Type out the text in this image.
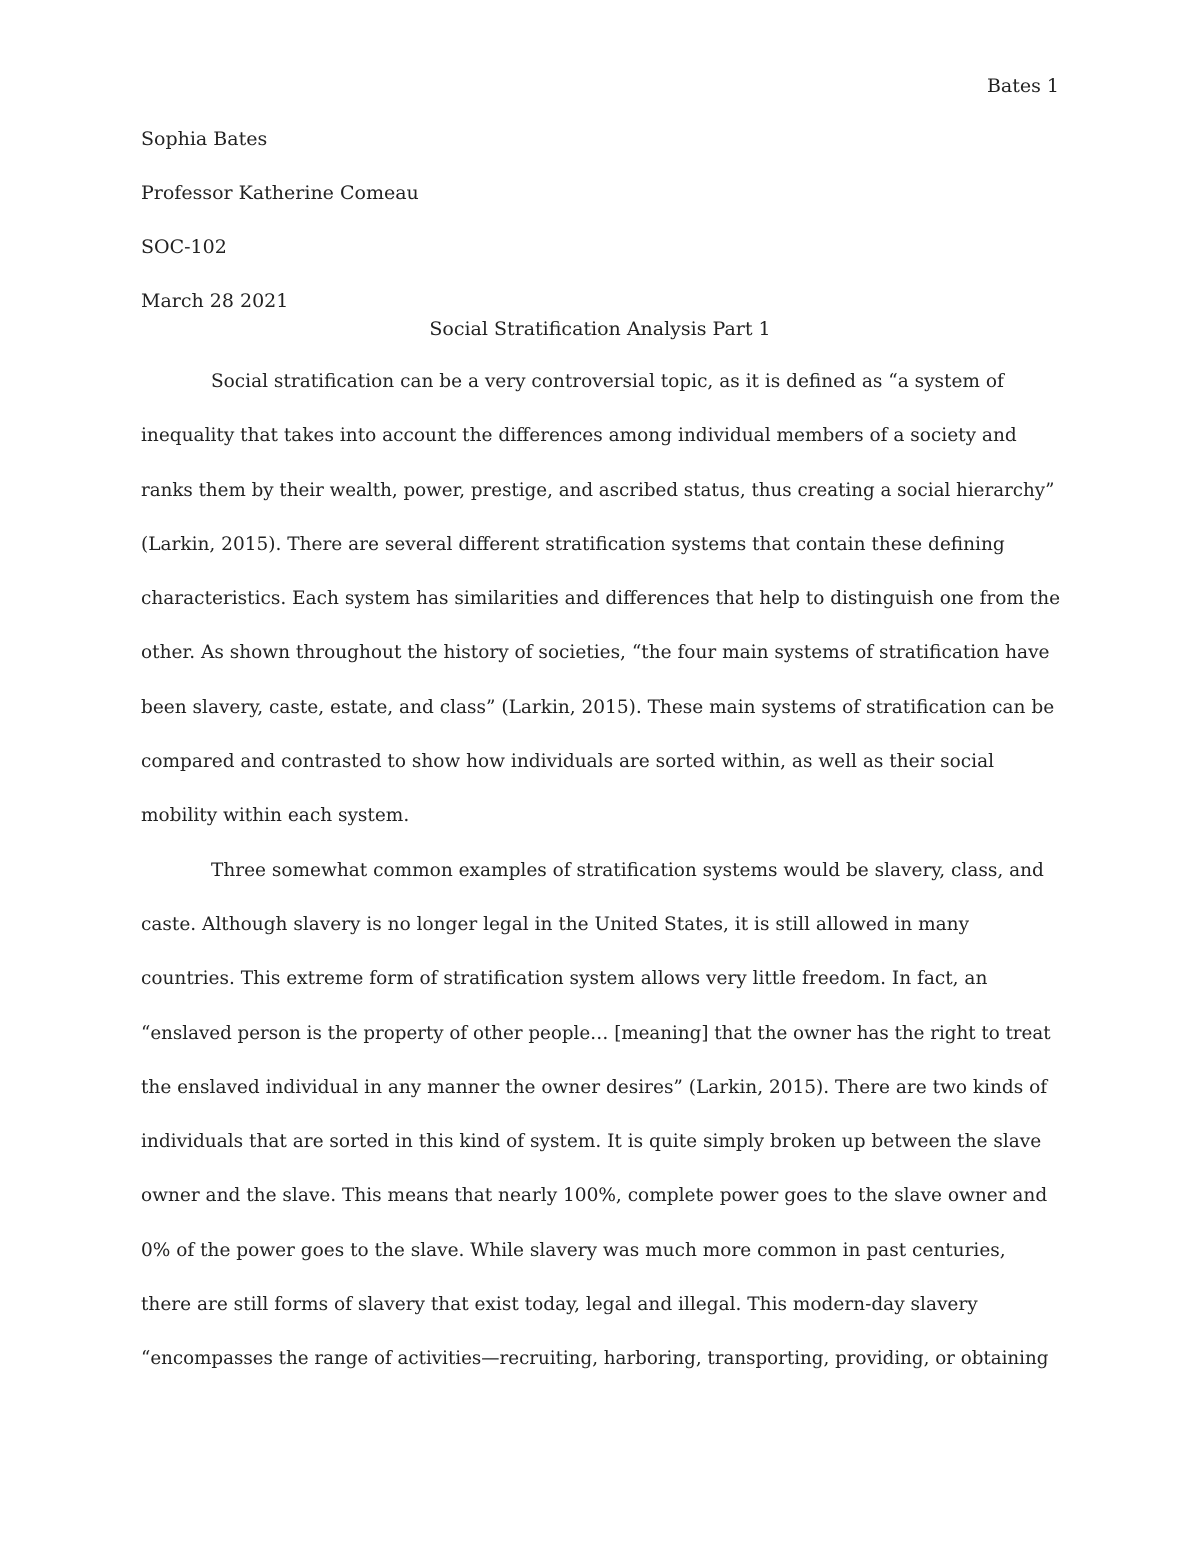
Bates 1
Sophia Bates
Professor Katherine Comeau
SOC-102
March 28 2021
Social Stratification Analysis Part 1
Social stratification can be a very controversial topic, as it is defined as “a system of
inequality that takes into account the differences among individual members of a society and
ranks them by their wealth, power, prestige, and ascribed status, thus creating a social hierarchy”
(Larkin, 2015). There are several different stratification systems that contain these defining
characteristics. Each system has similarities and differences that help to distinguish one from the
other. As shown throughout the history of societies, “the four main systems of stratification have
been slavery, caste, estate, and class” (Larkin, 2015). These main systems of stratification can be
compared and contrasted to show how individuals are sorted within, as well as their social
mobility within each system.
Three somewhat common examples of stratification systems would be slavery, class, and
caste. Although slavery is no longer legal in the United States, it is still allowed in many
countries. This extreme form of stratification system allows very little freedom. In fact, an
“enslaved person is the property of other people… [meaning] that the owner has the right to treat
the enslaved individual in any manner the owner desires” (Larkin, 2015). There are two kinds of
individuals that are sorted in this kind of system. It is quite simply broken up between the slave
owner and the slave. This means that nearly 100%, complete power goes to the slave owner and
0% of the power goes to the slave. While slavery was much more common in past centuries,
there are still forms of slavery that exist today, legal and illegal. This modern-day slavery
“encompasses the range of activities—recruiting, harboring, transporting, providing, or obtaining
